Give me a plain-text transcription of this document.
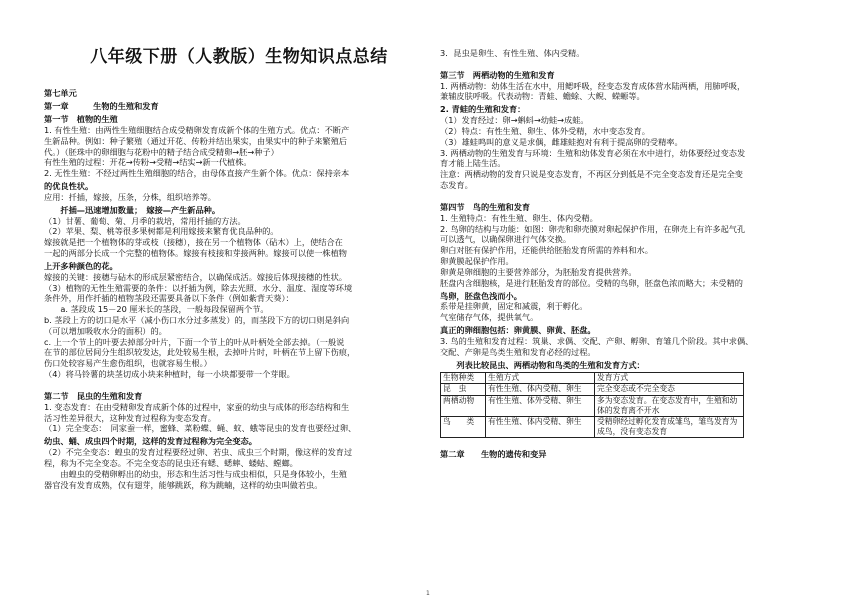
八年级下册（人教版）生物知识点总结

第七单元

第一章　　　生物的生殖和发育

第一节　植物的生殖

1. 有性生殖：由两性生殖细胞结合成受精卵发育成新个体的生殖方式。优点：不断产

生新品种。例如：种子繁殖（通过开花、传粉并结出果实，由果实中的种子来繁殖后

代。）（胚珠中的卵细胞与花粉中的精子结合成受精卵→胚→种子）

有性生殖的过程：开花→传粉→受精→结实→新一代植株。

2. 无性生殖：不经过两性生殖细胞的结合，由母体直接产生新个体。优点：保持亲本

的优良性状。

应用：扦插，嫁接，压条，分株，组织培养等。

　　扦插—迅速增加数量；　嫁接—产生新品种。

（1）甘薯、葡萄、菊、月季的栽培，常用扦插的方法。

（2）苹果、梨、桃等很多果树都是利用嫁接来繁育优良品种的。

嫁接就是把一个植物体的芽或枝（接穗），接在另一个植物体（砧木）上，使结合在

一起的两部分长成一个完整的植物体。嫁接有枝接和芽接两种。嫁接可以使一株植物

上开多种颜色的花。

嫁接的关键：接穗与砧木的形成层紧密结合，以确保成活。嫁接后体现接穗的性状。

（3）植物的无性生殖需要的条件：以扦插为例，除去光照、水分、温度、湿度等环境

条件外，用作扦插的植物茎段还需要具备以下条件（例如紫背天葵）：

　　a. 茎段成 15－20 厘米长的茎段，一般每段保留两个节。

b. 茎段上方的切口是水平（减小伤口水分过多蒸发）的，而茎段下方的切口则是斜向

（可以增加吸收水分的面积）的。

c. 上一个节上的叶要去掉部分叶片，下面一个节上的叶从叶柄处全部去掉。（一般说

在节的部位居间分生组织较发达，此处较易生根，去掉叶片时，叶柄在节上留下伤痕，

伤口处较容易产生愈伤组织，也就容易生根。）

（4）将马铃薯的块茎切成小块来种植时，每一小块都要带一个芽眼。

第二节　昆虫的生殖和发育

1. 变态发育：在由受精卵发育成新个体的过程中，家蚕的幼虫与成体的形态结构和生

活习性差异很大，这种发育过程称为变态发育。

（1）完全变态：　同家蚕一样，蜜蜂、菜粉蝶、蝇、蚊、蛾等昆虫的发育也要经过卵、

幼虫、蛹、成虫四个时期，这样的发育过程称为完全变态。

（2）不完全变态：蝗虫的发育过程要经过卵、若虫、成虫三个时期，像这样的发育过

程，称为不完全变态。不完全变态的昆虫还有蟋、蟋蟀、蝼蛄、螳螂。

　　由蝗虫的受精卵孵出的幼虫，形态和生活习性与成虫相似，只是身体较小，生殖

器官没有发育成熟，仅有翅芽，能够跳跃，称为跳蝻，这样的幼虫叫做若虫。

3．昆虫是卵生、有性生殖、体内受精。

第三节　两栖动物的生殖和发育

1. 两栖动物：幼体生活在水中，用鳃呼吸，经变态发育成体营水陆两栖，用肺呼吸，

兼辅皮肤呼吸。代表动物：青蛙、蟾蜍、大鲵、蝾螈等。

2. 青蛙的生殖和发育：

（1）发育经过：卵→蝌蚪→幼蛙→成蛙。

（2）特点：有性生殖、卵生、体外受精，水中变态发育。

（3）雄蛙鸣叫的意义是求偶，雌雄蛙抱对有利于提高卵的受精率。

3. 两栖动物的生殖发育与环境：生殖和幼体发育必须在水中进行，幼体要经过变态发

育才能上陆生活。

注意：两栖动物的发育只说是变态发育，不再区分到低是不完全变态发育还是完全变

态发育。

第四节　鸟的生殖和发育

1. 生殖特点：有性生殖、卵生、体内受精。

2. 鸟卵的结构与功能：如图：卵壳和卵壳膜对卵起保护作用，在卵壳上有许多起气孔

可以透气，以确保卵进行气体交换。

卵白对胚有保护作用，还能供给胚胎发育所需的养料和水。

卵黄膜起保护作用。

卵黄是卵细胞的主要营养部分，为胚胎发育提供营养。

胚盘内含细胞核，是进行胚胎发育的部位。受精的鸟卵，胚盘色浓而略大；未受精的

鸟卵，胚盘色浅而小。

系带是挂卵黄，固定和减震，利于孵化。

气室储存气体，提供氧气。

真正的卵细胞包括：卵黄膜、卵黄、胚盘。

3. 鸟的生殖和发育过程：筑巢、求偶、交配、产卵、孵卵、育雏几个阶段。其中求偶、

交配、产卵是鸟类生殖和发育必经的过程。

　　列表比较昆虫、两栖动物和鸟类的生殖和发育方式：

生物种类	生殖方式	发育方式
昆　虫	有性生殖、体内受精、卵生	完全变态或不完全变态
两栖动物	有性生殖、体外受精、卵生	多为变态发育。在变态发育中，生殖和幼体的发育离不开水
鸟　　类	有性生殖、体内受精、卵生	受精卵经过孵化发育成雏鸟，雏鸟发育为成鸟，没有变态发育

第二章　　生物的遗传和变异

1
